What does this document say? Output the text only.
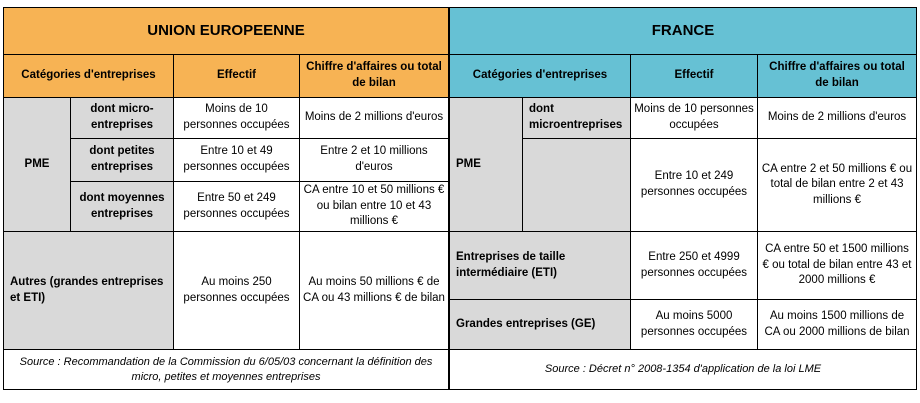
UNION EUROPEENNE			
Catégories d'entreprises		Effectif	Chiffre d'affaires ou total de bilan
PME	dont micro-entreprises	Moins de 10 personnes occupées	Moins de 2 millions d'euros
	dont petites entreprises	Entre 10 et 49 personnes occupées	Entre 2 et 10 millions d'euros
	dont moyennes entreprises	Entre 50 et 249 personnes occupées	CA entre 10 et 50 millions € ou bilan entre 10 et 43 millions €
Autres (grandes entreprises et ETI)		Au moins 250 personnes occupées	Au moins 50 millions € de CA ou 43 millions € de bilan
Source : Recommandation de la Commission du 6/05/03 concernant la définition des micro, petites et moyennes entreprises			
FRANCE			
Catégories d'entreprises		Effectif	Chiffre d'affaires ou total de bilan
PME	dont microentreprises	Moins de 10 personnes occupées	Moins de 2 millions d'euros
		Entre 10 et 249 personnes occupées	CA entre 2 et 50 millions € ou total de bilan entre 2 et 43 millions €
Entreprises de taille intermédiaire (ETI)		Entre 250 et 4999 personnes occupées	CA entre 50 et 1500 millions € ou total de bilan entre 43 et 2000 millions €
Grandes entreprises (GE)		Au moins 5000 personnes occupées	Au moins 1500 millions de CA ou 2000 millions de bilan
Source : Décret n° 2008-1354 d'application de la loi LME			
